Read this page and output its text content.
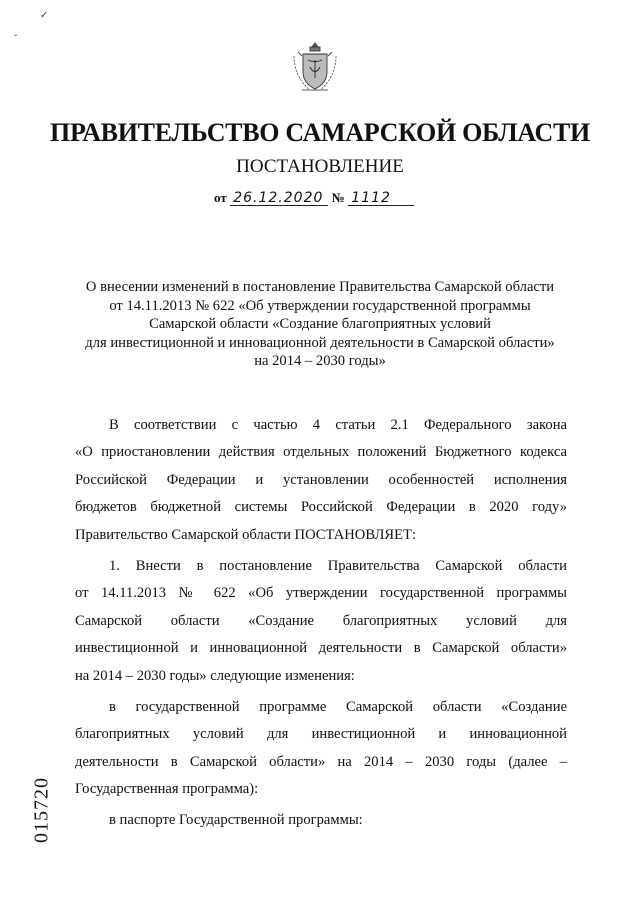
✓
ˇ
ПРАВИТЕЛЬСТВО САМАРСКОЙ ОБЛАСТИ
ПОСТАНОВЛЕНИЕ
от 26.12.2020 № 1112
О внесении изменений в постановление Правительства Самарской области
от 14.11.2013 № 622 «Об утверждении государственной программы
Самарской области «Создание благоприятных условий
для инвестиционной и инновационной деятельности в Самарской области»
на 2014 – 2030 годы»
В соответствии с частью 4 статьи 2.1 Федерального закона
«О приостановлении действия отдельных положений Бюджетного кодекса
Российской Федерации и установлении особенностей исполнения
бюджетов бюджетной системы Российской Федерации в 2020 году»
Правительство Самарской области ПОСТАНОВЛЯЕТ:
1. Внести в постановление Правительства Самарской области
от 14.11.2013 № 622 «Об утверждении государственной программы
Самарской области «Создание благоприятных условий для
инвестиционной и инновационной деятельности в Самарской области»
на 2014 – 2030 годы» следующие изменения:
в государственной программе Самарской области «Создание
благоприятных условий для инвестиционной и инновационной
деятельности в Самарской области» на 2014 – 2030 годы (далее –
Государственная программа):
в паспорте Государственной программы:
015720
